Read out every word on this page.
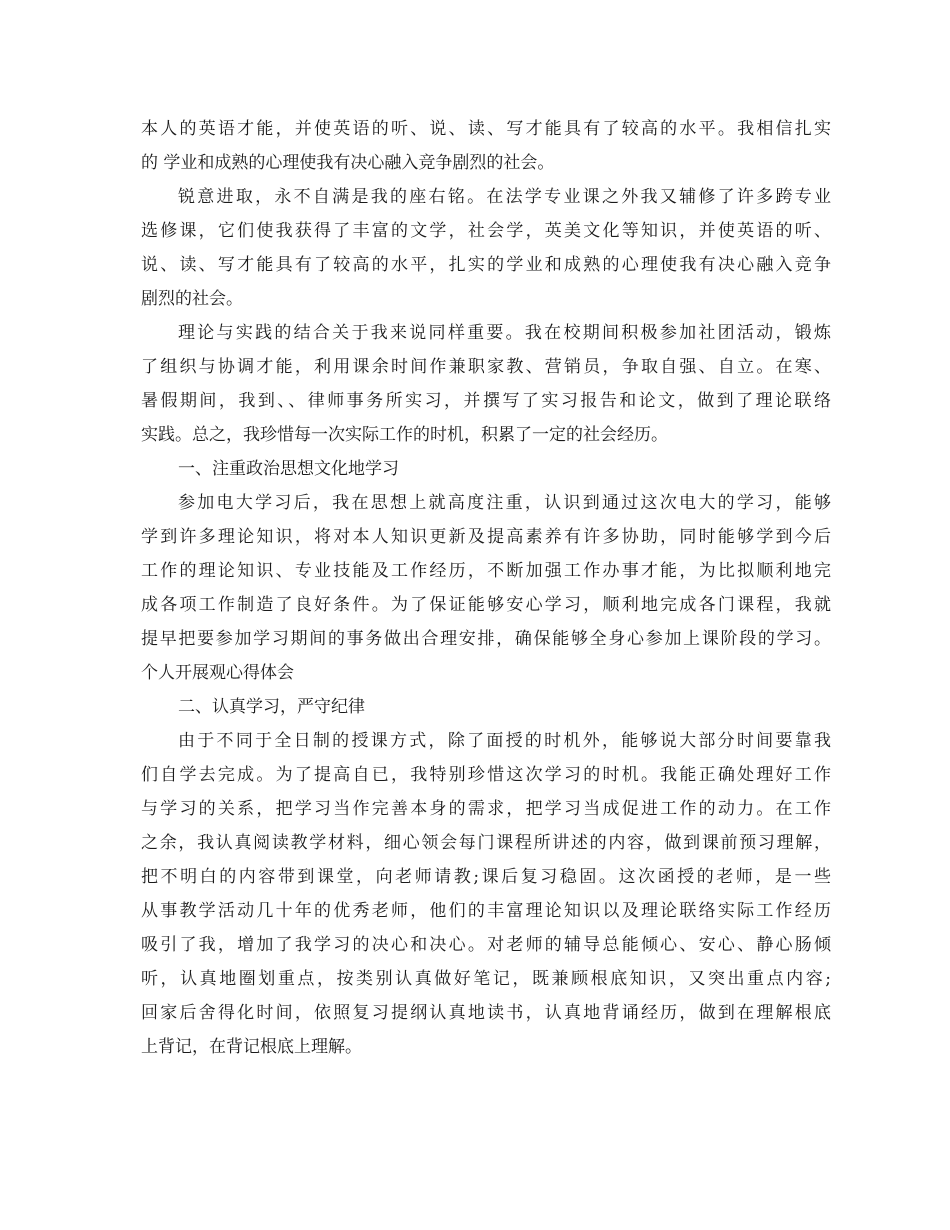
本人的英语才能，并使英语的听、说、读、写才能具有了较高的水平。我相信扎实
的 学业和成熟的心理使我有决心融入竞争剧烈的社会。
锐意进取，永不自满是我的座右铭。在法学专业课之外我又辅修了许多跨专业
选修课，它们使我获得了丰富的文学，社会学，英美文化等知识，并使英语的听、
说、读、写才能具有了较高的水平，扎实的学业和成熟的心理使我有决心融入竞争
剧烈的社会。
理论与实践的结合关于我来说同样重要。我在校期间积极参加社团活动，锻炼
了组织与协调才能，利用课余时间作兼职家教、营销员，争取自强、自立。在寒、
暑假期间，我到、、律师事务所实习，并撰写了实习报告和论文，做到了理论联络
实践。总之，我珍惜每一次实际工作的时机，积累了一定的社会经历。
一、注重政治思想文化地学习
参加电大学习后，我在思想上就高度注重，认识到通过这次电大的学习，能够
学到许多理论知识，将对本人知识更新及提高素养有许多协助，同时能够学到今后
工作的理论知识、专业技能及工作经历，不断加强工作办事才能，为比拟顺利地完
成各项工作制造了良好条件。为了保证能够安心学习，顺利地完成各门课程，我就
提早把要参加学习期间的事务做出合理安排，确保能够全身心参加上课阶段的学习。
个人开展观心得体会
二、认真学习，严守纪律
由于不同于全日制的授课方式，除了面授的时机外，能够说大部分时间要靠我
们自学去完成。为了提高自已，我特别珍惜这次学习的时机。我能正确处理好工作
与学习的关系，把学习当作完善本身的需求，把学习当成促进工作的动力。在工作
之余，我认真阅读教学材料，细心领会每门课程所讲述的内容，做到课前预习理解，
把不明白的内容带到课堂，向老师请教;课后复习稳固。这次函授的老师，是一些
从事教学活动几十年的优秀老师，他们的丰富理论知识以及理论联络实际工作经历
吸引了我，增加了我学习的决心和决心。对老师的辅导总能倾心、安心、静心肠倾
听，认真地圈划重点，按类别认真做好笔记，既兼顾根底知识，又突出重点内容;
回家后舍得化时间，依照复习提纲认真地读书，认真地背诵经历，做到在理解根底
上背记，在背记根底上理解。
